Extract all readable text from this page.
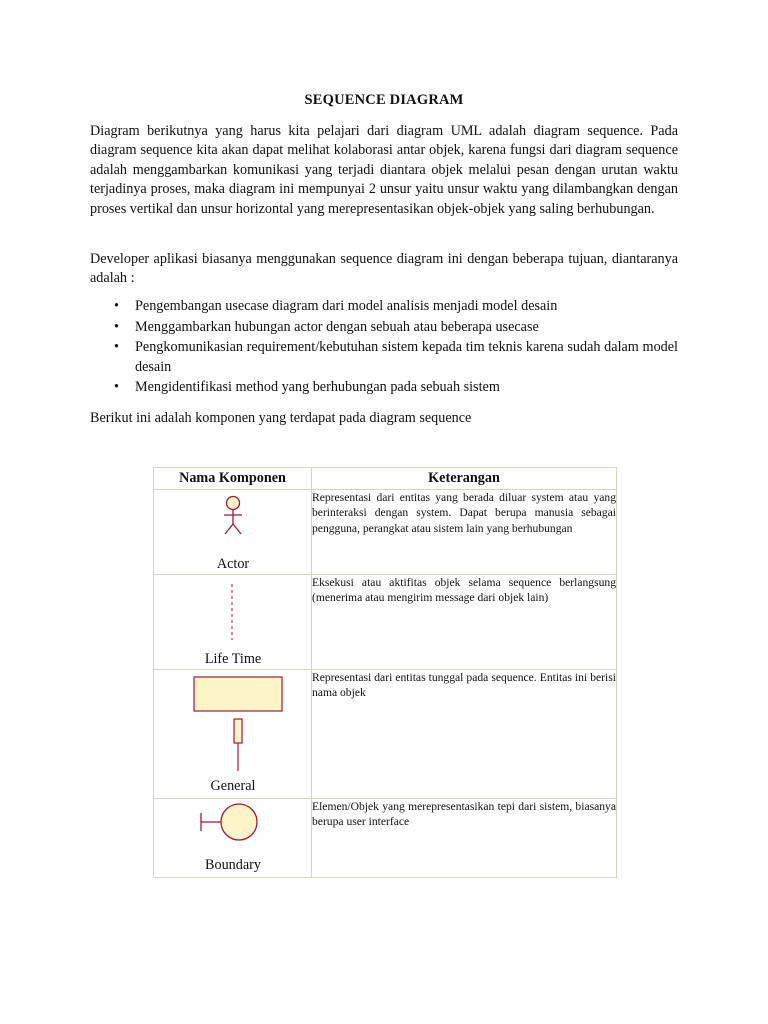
SEQUENCE DIAGRAM

Diagram berikutnya yang harus kita pelajari dari diagram UML adalah diagram sequence. Pada diagram sequence kita akan dapat melihat kolaborasi antar objek, karena fungsi dari diagram sequence adalah menggambarkan komunikasi yang terjadi diantara objek melalui pesan dengan urutan waktu terjadinya proses, maka diagram ini mempunyai 2 unsur yaitu unsur waktu yang dilambangkan dengan proses vertikal dan unsur horizontal yang merepresentasikan objek-objek yang saling berhubungan.

Developer aplikasi biasanya menggunakan sequence diagram ini dengan beberapa tujuan, diantaranya adalah :

• Pengembangan usecase diagram dari model analisis menjadi model desain
• Menggambarkan hubungan actor dengan sebuah atau beberapa usecase
• Pengkomunikasian requirement/kebutuhan sistem kepada tim teknis karena sudah dalam model desain
• Mengidentifikasi method yang berhubungan pada sebuah sistem

Berikut ini adalah komponen yang terdapat pada diagram sequence

Nama Komponen	Keterangan

Actor	Representasi dari entitas yang berada diluar system atau yang berinteraksi dengan system. Dapat berupa manusia sebagai pengguna, perangkat atau sistem lain yang berhubungan

Life Time	Eksekusi atau aktifitas objek selama sequence berlangsung (menerima atau mengirim message dari objek lain)

General	Representasi dari entitas tunggal pada sequence. Entitas ini berisi nama objek

Boundary	Elemen/Objek yang merepresentasikan tepi dari sistem, biasanya berupa user interface
